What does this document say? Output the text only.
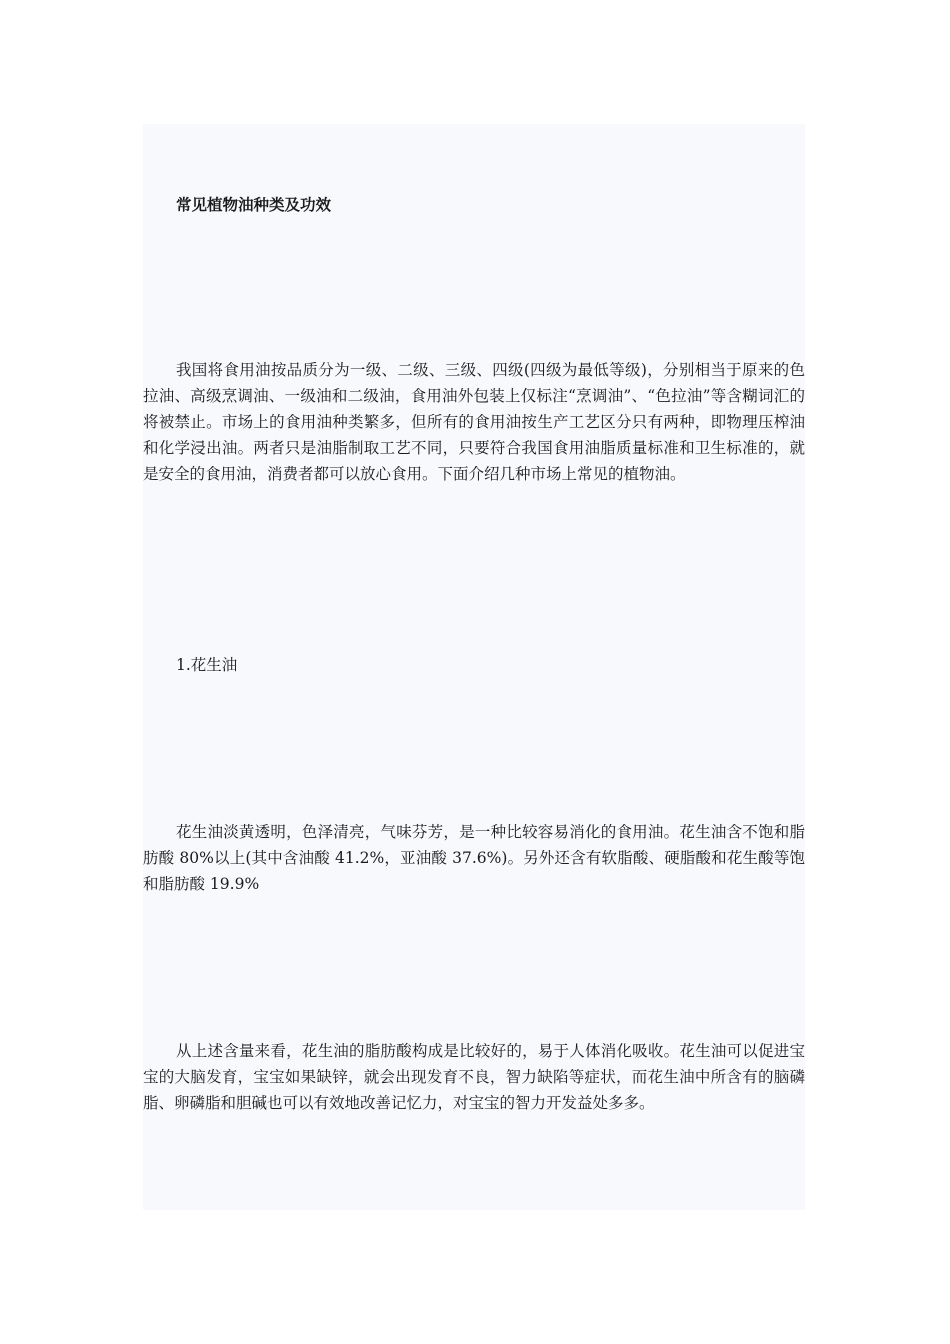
常见植物油种类及功效

我国将食用油按品质分为一级、二级、三级、四级(四级为最低等级)，分别相当于原来的色拉油、高级烹调油、一级油和二级油，食用油外包装上仅标注“烹调油”、“色拉油”等含糊词汇的将被禁止。市场上的食用油种类繁多，但所有的食用油按生产工艺区分只有两种，即物理压榨油和化学浸出油。两者只是油脂制取工艺不同，只要符合我国食用油脂质量标准和卫生标准的，就是安全的食用油，消费者都可以放心食用。下面介绍几种市场上常见的植物油。

1.花生油

花生油淡黄透明，色泽清亮，气味芬芳，是一种比较容易消化的食用油。花生油含不饱和脂肪酸 80%以上(其中含油酸 41.2%，亚油酸 37.6%)。另外还含有软脂酸、硬脂酸和花生酸等饱和脂肪酸 19.9%

从上述含量来看，花生油的脂肪酸构成是比较好的，易于人体消化吸收。花生油可以促进宝宝的大脑发育，宝宝如果缺锌，就会出现发育不良，智力缺陷等症状，而花生油中所含有的脑磷脂、卵磷脂和胆碱也可以有效地改善记忆力，对宝宝的智力开发益处多多。
